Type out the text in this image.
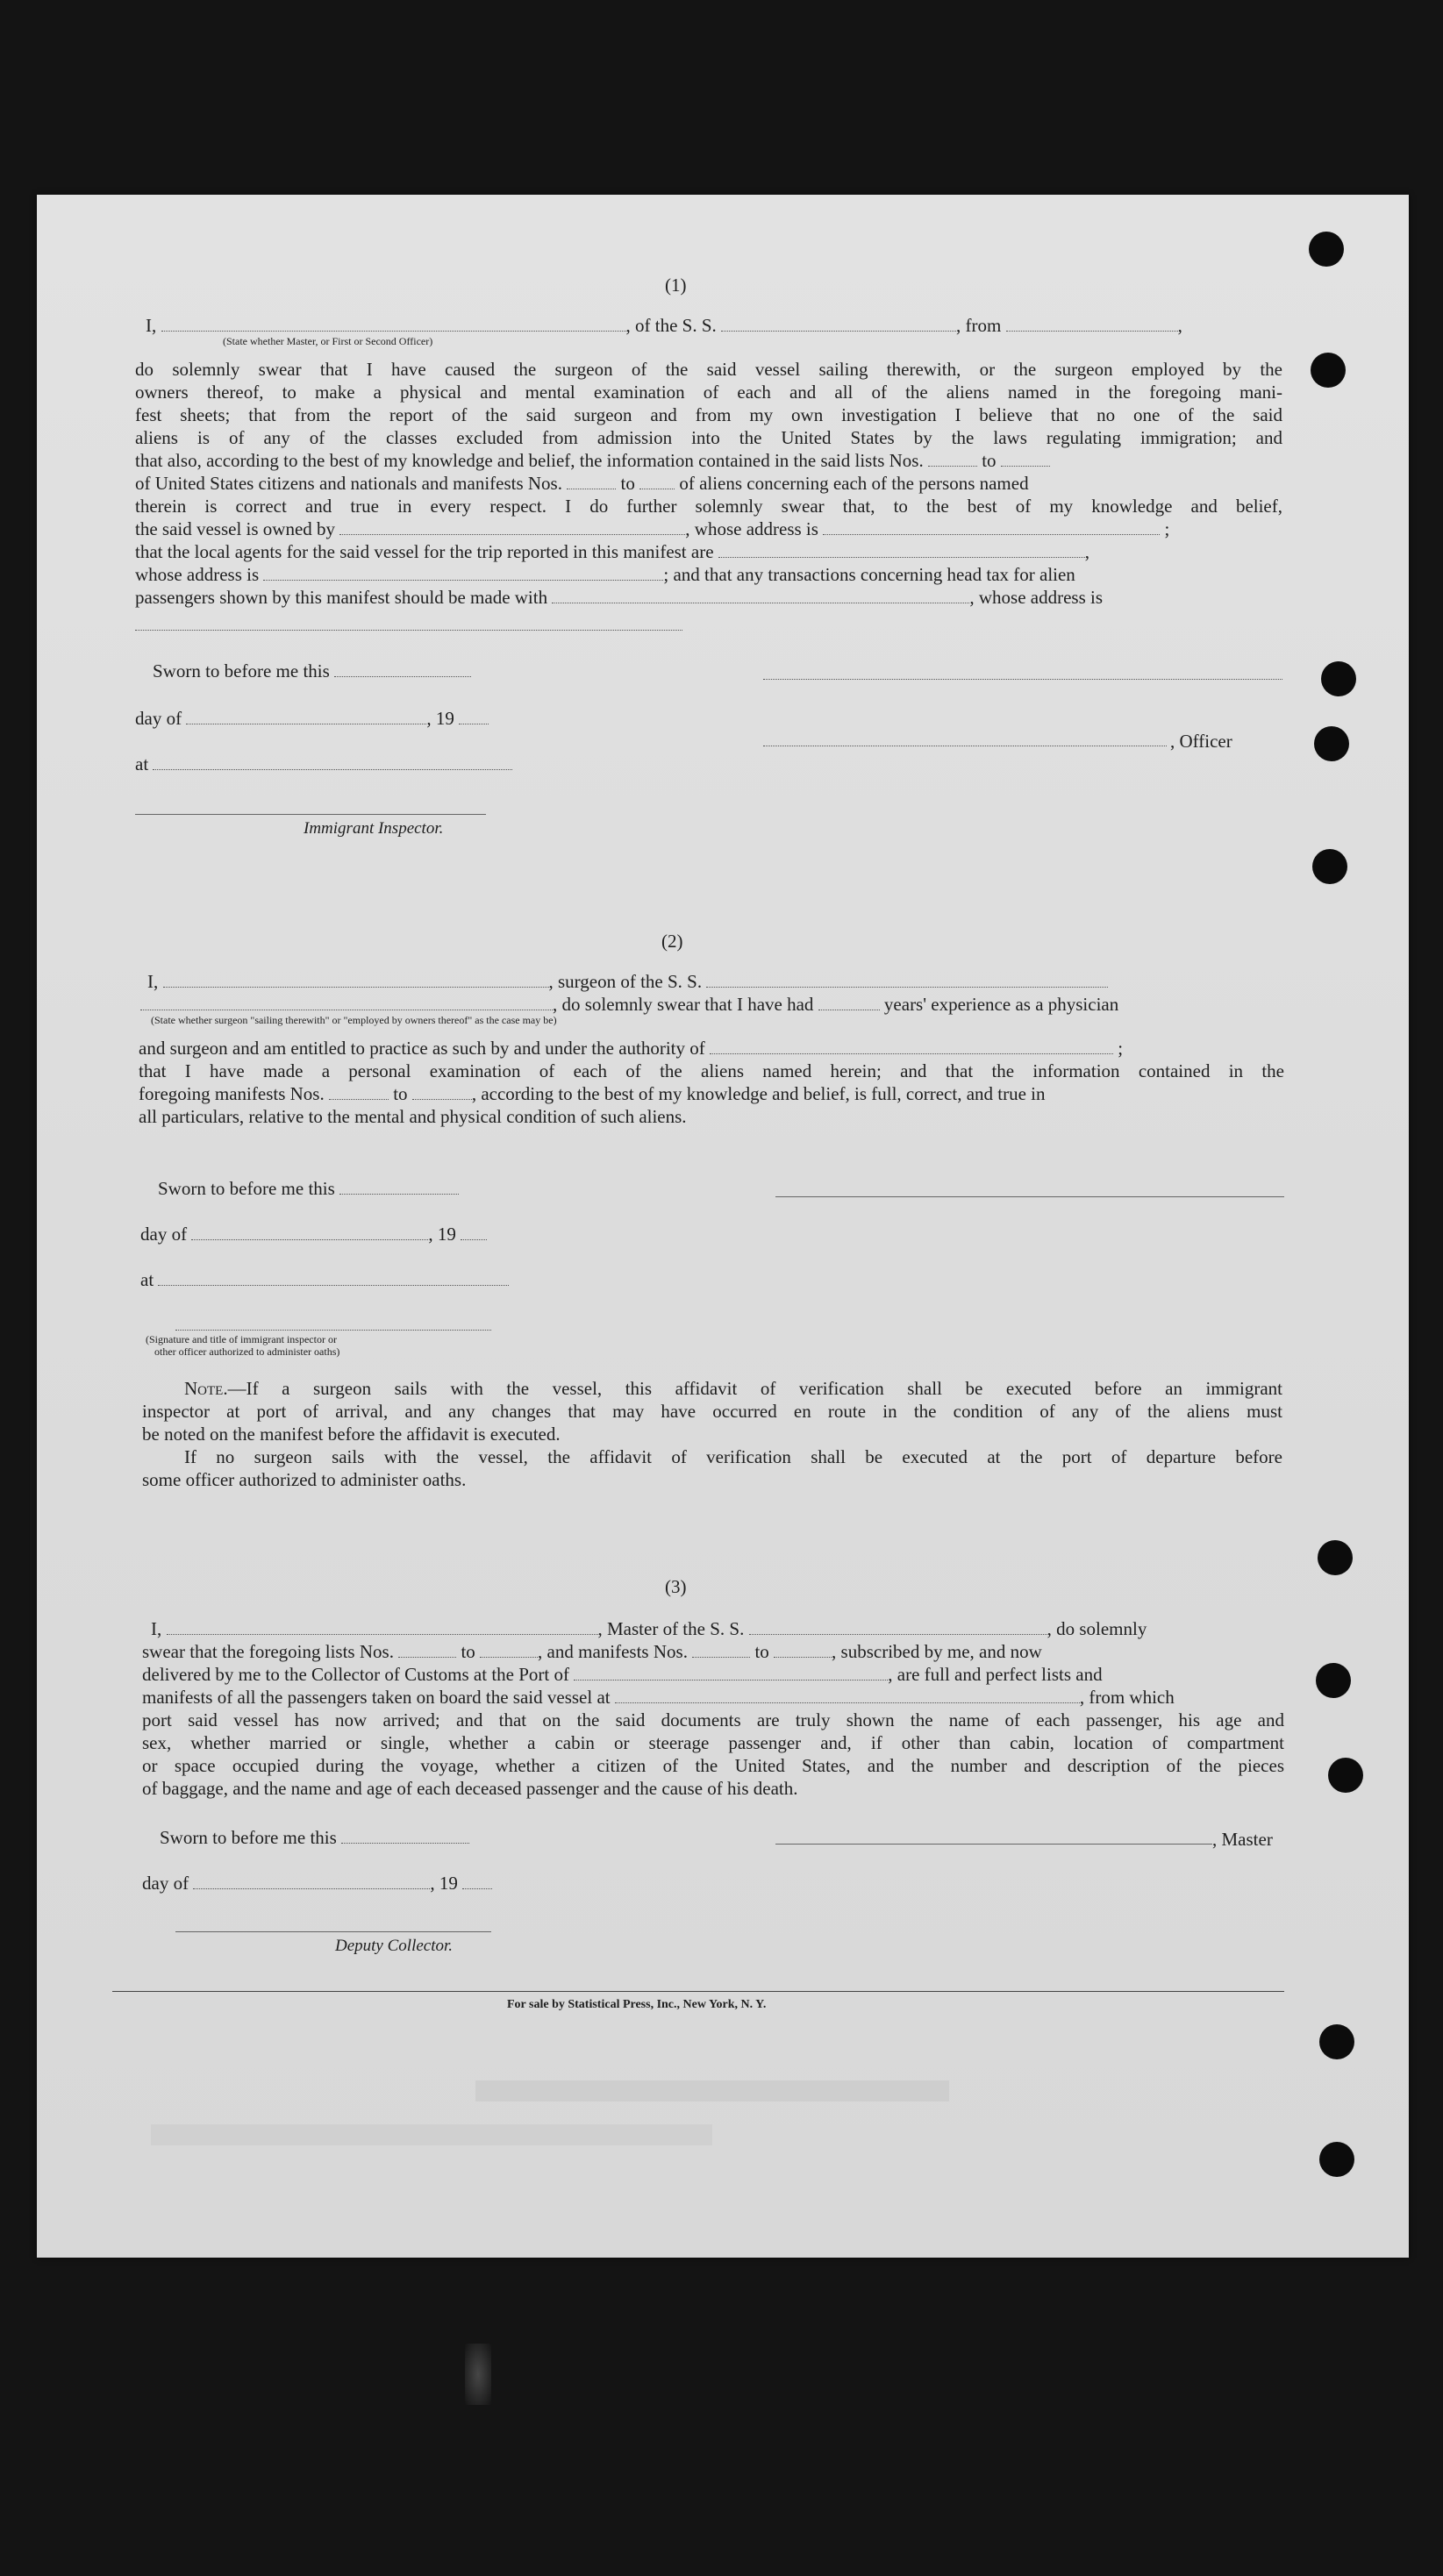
(1)
I,	, of the S. S.	, from	,
(State whether Master, or First or Second Officer)
do solemnly swear that I have caused the surgeon of the said vessel sailing therewith, or the surgeon employed by the
owners thereof, to make a physical and mental examination of each and all of the aliens named in the foregoing mani-
fest sheets; that from the report of the said surgeon and from my own investigation I believe that no one of the said
aliens is of any of the classes excluded from admission into the United States by the laws regulating immigration; and
that also, according to the best of my knowledge and belief, the information contained in the said lists Nos.	to
of United States citizens and nationals and manifests Nos.	to of aliens concerning each of the persons named
therein is correct and true in every respect. I do further solemnly swear that, to the best of my knowledge and belief,
the said vessel is owned by	, whose address is	;
that the local agents for the said vessel for the trip reported in this manifest are	,
whose address is	; and that any transactions concerning head tax for alien
passengers shown by this manifest should be made with	, whose address is
Sworn to before me this
day of	, 19
, Officer
at
Immigrant Inspector.
(2)
I,	, surgeon of the S. S.
, do solemnly swear that I have had	years' experience as a physician
(State whether surgeon "sailing therewith" or "employed by owners thereof" as the case may be)
and surgeon and am entitled to practice as such by and under the authority of	;
that I have made a personal examination of each of the aliens named herein; and that the information contained in the
foregoing manifests Nos.	to	, according to the best of my knowledge and belief, is full, correct, and true in
all particulars, relative to the mental and physical condition of such aliens.
Sworn to before me this
day of	, 19
at
(Signature and title of immigrant inspector or
other officer authorized to administer oaths)
Note.—If a surgeon sails with the vessel, this affidavit of verification shall be executed before an immigrant
inspector at port of arrival, and any changes that may have occurred en route in the condition of any of the aliens must
be noted on the manifest before the affidavit is executed.
If no surgeon sails with the vessel, the affidavit of verification shall be executed at the port of departure before
some officer authorized to administer oaths.
(3)
I,	, Master of the S. S.	, do solemnly
swear that the foregoing lists Nos.	to	, and manifests Nos.	to	, subscribed by me, and now
delivered by me to the Collector of Customs at the Port of	, are full and perfect lists and
manifests of all the passengers taken on board the said vessel at	, from which
port said vessel has now arrived; and that on the said documents are truly shown the name of each passenger, his age and
sex, whether married or single, whether a cabin or steerage passenger and, if other than cabin, location of compartment
or space occupied during the voyage, whether a citizen of the United States, and the number and description of the pieces
of baggage, and the name and age of each deceased passenger and the cause of his death.
Sworn to before me this	, Master
day of	, 19
Deputy Collector.
For sale by Statistical Press, Inc., New York, N. Y.
